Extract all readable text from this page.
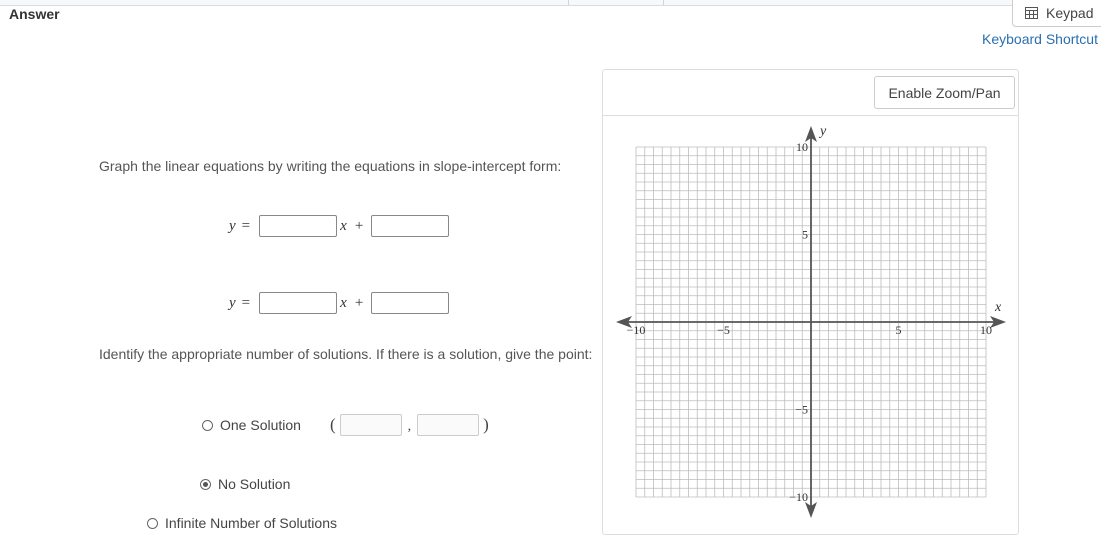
Answer	Keypad
Keyboard Shortcut
Graph the linear equations by writing the equations in slope-intercept form:
y =	x +
y =	x +
Identify the appropriate number of solutions. If there is a solution, give the point:
One Solution (	,	)
No Solution
Infinite Number of Solutions
Enable Zoom/Pan
x
y
−10	−5	5	10
10
5
−5
−10
